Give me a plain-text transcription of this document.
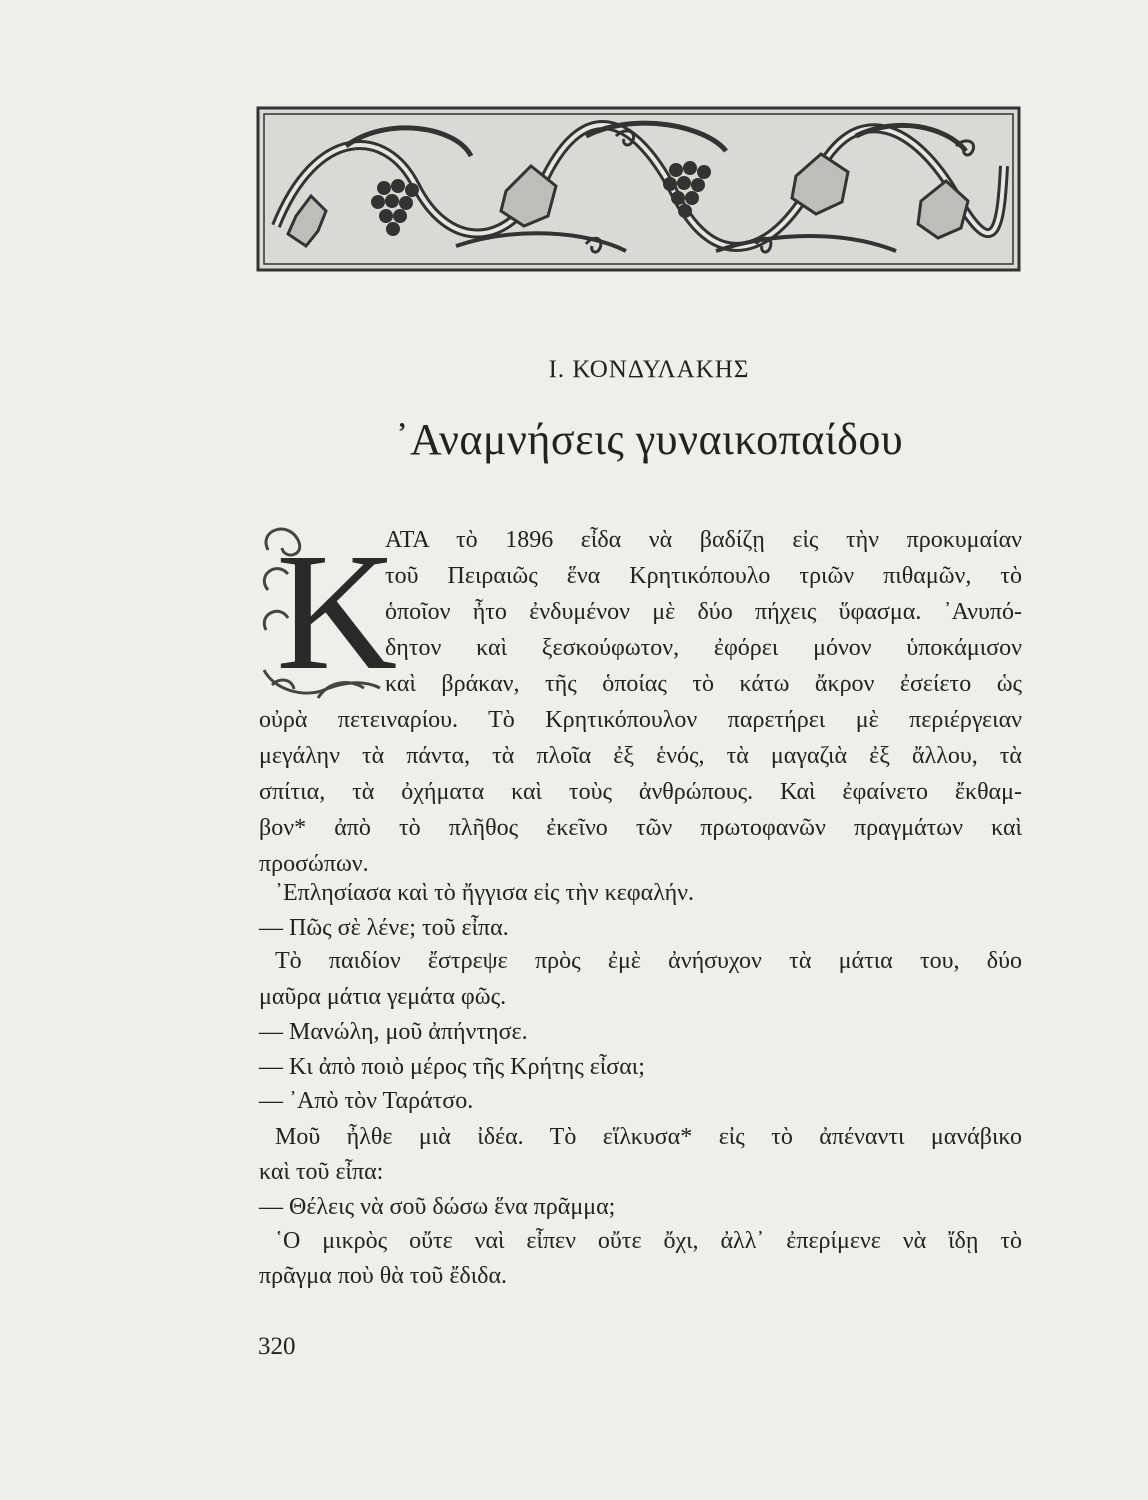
Ι. ΚΟΝΔΥΛΑΚΗΣ
᾿Αναμνήσεις γυναικοπαίδου
Κ
ΑΤΑ τὸ 1896 εἶδα νὰ βαδίζῃ εἰς τὴν προκυμαίαν
τοῦ Πειραιῶς ἕνα Κρητικόπουλο τριῶν πιθαμῶν, τὸ
ὁποῖον ἦτο ἐνδυμένον μὲ δύο πήχεις ὕφασμα. ᾿Ανυπό-
δητον καὶ ξεσκούφωτον, ἐφόρει μόνον ὑποκάμισον
καὶ βράκαν, τῆς ὁποίας τὸ κάτω ἄκρον ἐσείετο ὡς
οὐρὰ πετειναρίου. Τὸ Κρητικόπουλον παρετήρει μὲ περιέργειαν
μεγάλην τὰ πάντα, τὰ πλοῖα ἐξ ἑνός, τὰ μαγαζιὰ ἐξ ἄλλου, τὰ
σπίτια, τὰ ὀχήματα καὶ τοὺς ἀνθρώπους. Καὶ ἐφαίνετο ἔκθαμ-
βον* ἀπὸ τὸ πλῆθος ἐκεῖνο τῶν πρωτοφανῶν πραγμάτων καὶ
προσώπων.
᾿Επλησίασα καὶ τὸ ἤγγισα εἰς τὴν κεφαλήν.
— Πῶς σὲ λένε; τοῦ εἶπα.
Τὸ παιδίον ἔστρεψε πρὸς ἐμὲ ἀνήσυχον τὰ μάτια του, δύο
μαῦρα μάτια γεμάτα φῶς.
— Μανώλη, μοῦ ἀπήντησε.
— Κι ἀπὸ ποιὸ μέρος τῆς Κρήτης εἶσαι;
— ᾿Απὸ τὸν Ταράτσο.
Μοῦ ἦλθε μιὰ ἰδέα. Τὸ εἵλκυσα* εἰς τὸ ἀπέναντι μανάβικο
καὶ τοῦ εἶπα:
— Θέλεις νὰ σοῦ δώσω ἕνα πρᾶμμα;
῾Ο μικρὸς οὔτε ναὶ εἶπεν οὔτε ὄχι, ἀλλ᾿ ἐπερίμενε νὰ ἴδῃ τὸ
πρᾶγμα ποὺ θὰ τοῦ ἔδιδα.
320
